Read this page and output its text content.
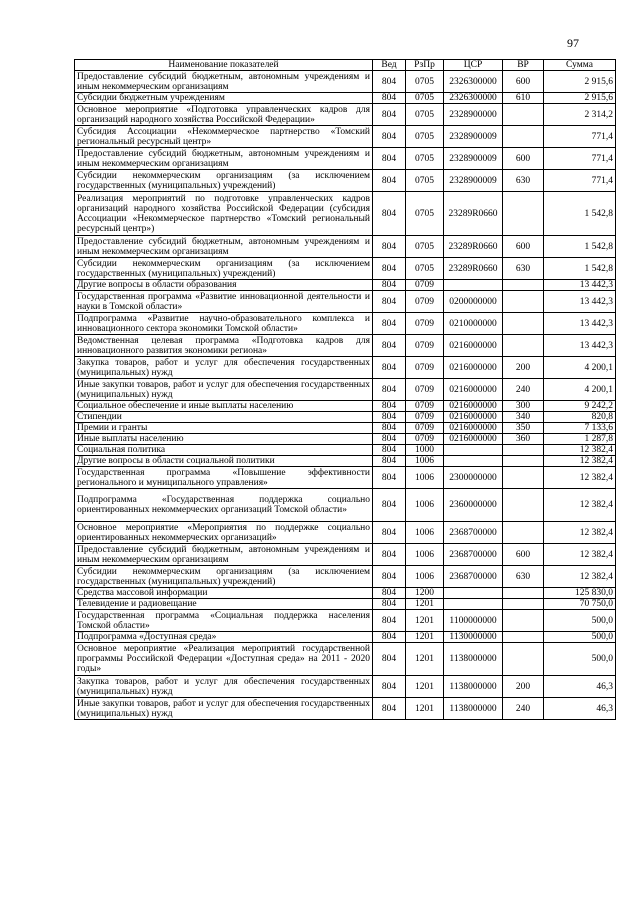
97
Наименование показателей	Вед	РзПр	ЦСР	ВР	Сумма
Предоставление субсидий бюджетным, автономным учреждениям и иным некоммерческим организациям	804	0705	2326300000	600	2 915,6
Субсидии бюджетным учреждениям	804	0705	2326300000	610	2 915,6
Основное мероприятие «Подготовка управленческих кадров для организаций народного хозяйства Российской Федерации»	804	0705	2328900000		2 314,2
Субсидия Ассоциации «Некоммерческое партнерство «Томский региональный ресурсный центр»	804	0705	2328900009		771,4
Предоставление субсидий бюджетным, автономным учреждениям и иным некоммерческим организациям	804	0705	2328900009	600	771,4
Субсидии некоммерческим организациям (за исключением государственных (муниципальных) учреждений)	804	0705	2328900009	630	771,4
Реализация мероприятий по подготовке управленческих кадров организаций народного хозяйства Российской Федерации (субсидия Ассоциации «Некоммерческое партнерство «Томский региональный ресурсный центр»)	804	0705	23289R0660		1 542,8
Предоставление субсидий бюджетным, автономным учреждениям и иным некоммерческим организациям	804	0705	23289R0660	600	1 542,8
Субсидии некоммерческим организациям (за исключением государственных (муниципальных) учреждений)	804	0705	23289R0660	630	1 542,8
Другие вопросы в области образования	804	0709			13 442,3
Государственная программа «Развитие инновационной деятельности и науки в Томской области»	804	0709	0200000000		13 442,3
Подпрограмма «Развитие научно-образовательного комплекса и инновационного сектора экономики Томской области»	804	0709	0210000000		13 442,3
Ведомственная целевая программа «Подготовка кадров для инновационного развития экономики региона»	804	0709	0216000000		13 442,3
Закупка товаров, работ и услуг для обеспечения государственных (муниципальных) нужд	804	0709	0216000000	200	4 200,1
Иные закупки товаров, работ и услуг для обеспечения государственных (муниципальных) нужд	804	0709	0216000000	240	4 200,1
Социальное обеспечение и иные выплаты населению	804	0709	0216000000	300	9 242,2
Стипендии	804	0709	0216000000	340	820,8
Премии и гранты	804	0709	0216000000	350	7 133,6
Иные выплаты населению	804	0709	0216000000	360	1 287,8
Социальная политика	804	1000			12 382,4
Другие вопросы в области социальной политики	804	1006			12 382,4
Государственная программа «Повышение эффективности регионального и муниципального управления»	804	1006	2300000000		12 382,4
Подпрограмма «Государственная поддержка социально ориентированных некоммерческих организаций Томской области»	804	1006	2360000000		12 382,4
Основное мероприятие «Мероприятия по поддержке социально ориентированных некоммерческих организаций»	804	1006	2368700000		12 382,4
Предоставление субсидий бюджетным, автономным учреждениям и иным некоммерческим организациям	804	1006	2368700000	600	12 382,4
Субсидии некоммерческим организациям (за исключением государственных (муниципальных) учреждений)	804	1006	2368700000	630	12 382,4
Средства массовой информации	804	1200			125 830,0
Телевидение и радиовещание	804	1201			70 750,0
Государственная программа «Социальная поддержка населения Томской области»	804	1201	1100000000		500,0
Подпрограмма «Доступная среда»	804	1201	1130000000		500,0
Основное мероприятие «Реализация мероприятий государственной программы Российской Федерации «Доступная среда» на 2011 - 2020 годы»	804	1201	1138000000		500,0
Закупка товаров, работ и услуг для обеспечения государственных (муниципальных) нужд	804	1201	1138000000	200	46,3
Иные закупки товаров, работ и услуг для обеспечения государственных (муниципальных) нужд	804	1201	1138000000	240	46,3
